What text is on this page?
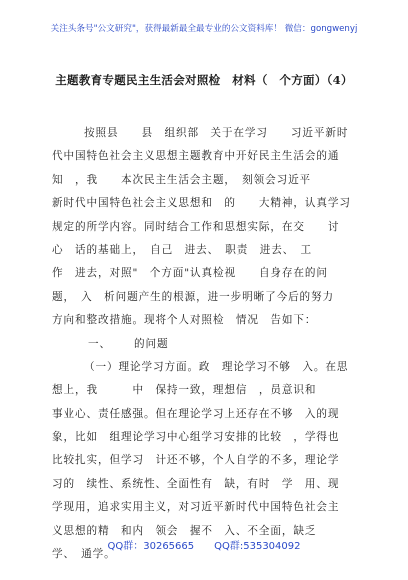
关注头条号"公文研究"，获得最新最全最专业的公文资料库！ 微信：gongwenyj
主题教育专题民主生活会对照检　材料（　个方面）（4）
按照县　　县　组织部　关于在学习　　习近平新时
代中国特色社会主义思想主题教育中开好民主生活会的通
知　，我　　本次民主生活会主题，　刻领会习近平
新时代中国特色社会主义思想和　的　　大精神，认真学习
规定的所学内容。同时结合工作和思想实际，在交　　讨
心　话的基础上，　自己　进去、　职责　进去、　工
作　进去，对照"　个方面"认真检视　　自身存在的问
题，　入　析问题产生的根源，进一步明晰了今后的努力
方向和整改措施。现将个人对照检　情况　告如下：
一、 的问题
（一）理论学习方面。政　理论学习不够　入。在思
想上，我　　　中　保持一致，理想信　，员意识和
事业心、责任感强。但在理论学习上还存在不够　入的现
象，比如　组理论学习中心组学习安排的比较　，学得也
比较扎实，但学习　计还不够，个人自学的不多，理论学
习的　续性、系统性、全面性有　缺，有时　学　用、现
学现用，追求实用主义，对习近平新时代中国特色社会主
义思想的精　和内　领会　握不　入、不全面，缺乏
学、　通学。
QQ群：30265665　　QQ群:535304092
